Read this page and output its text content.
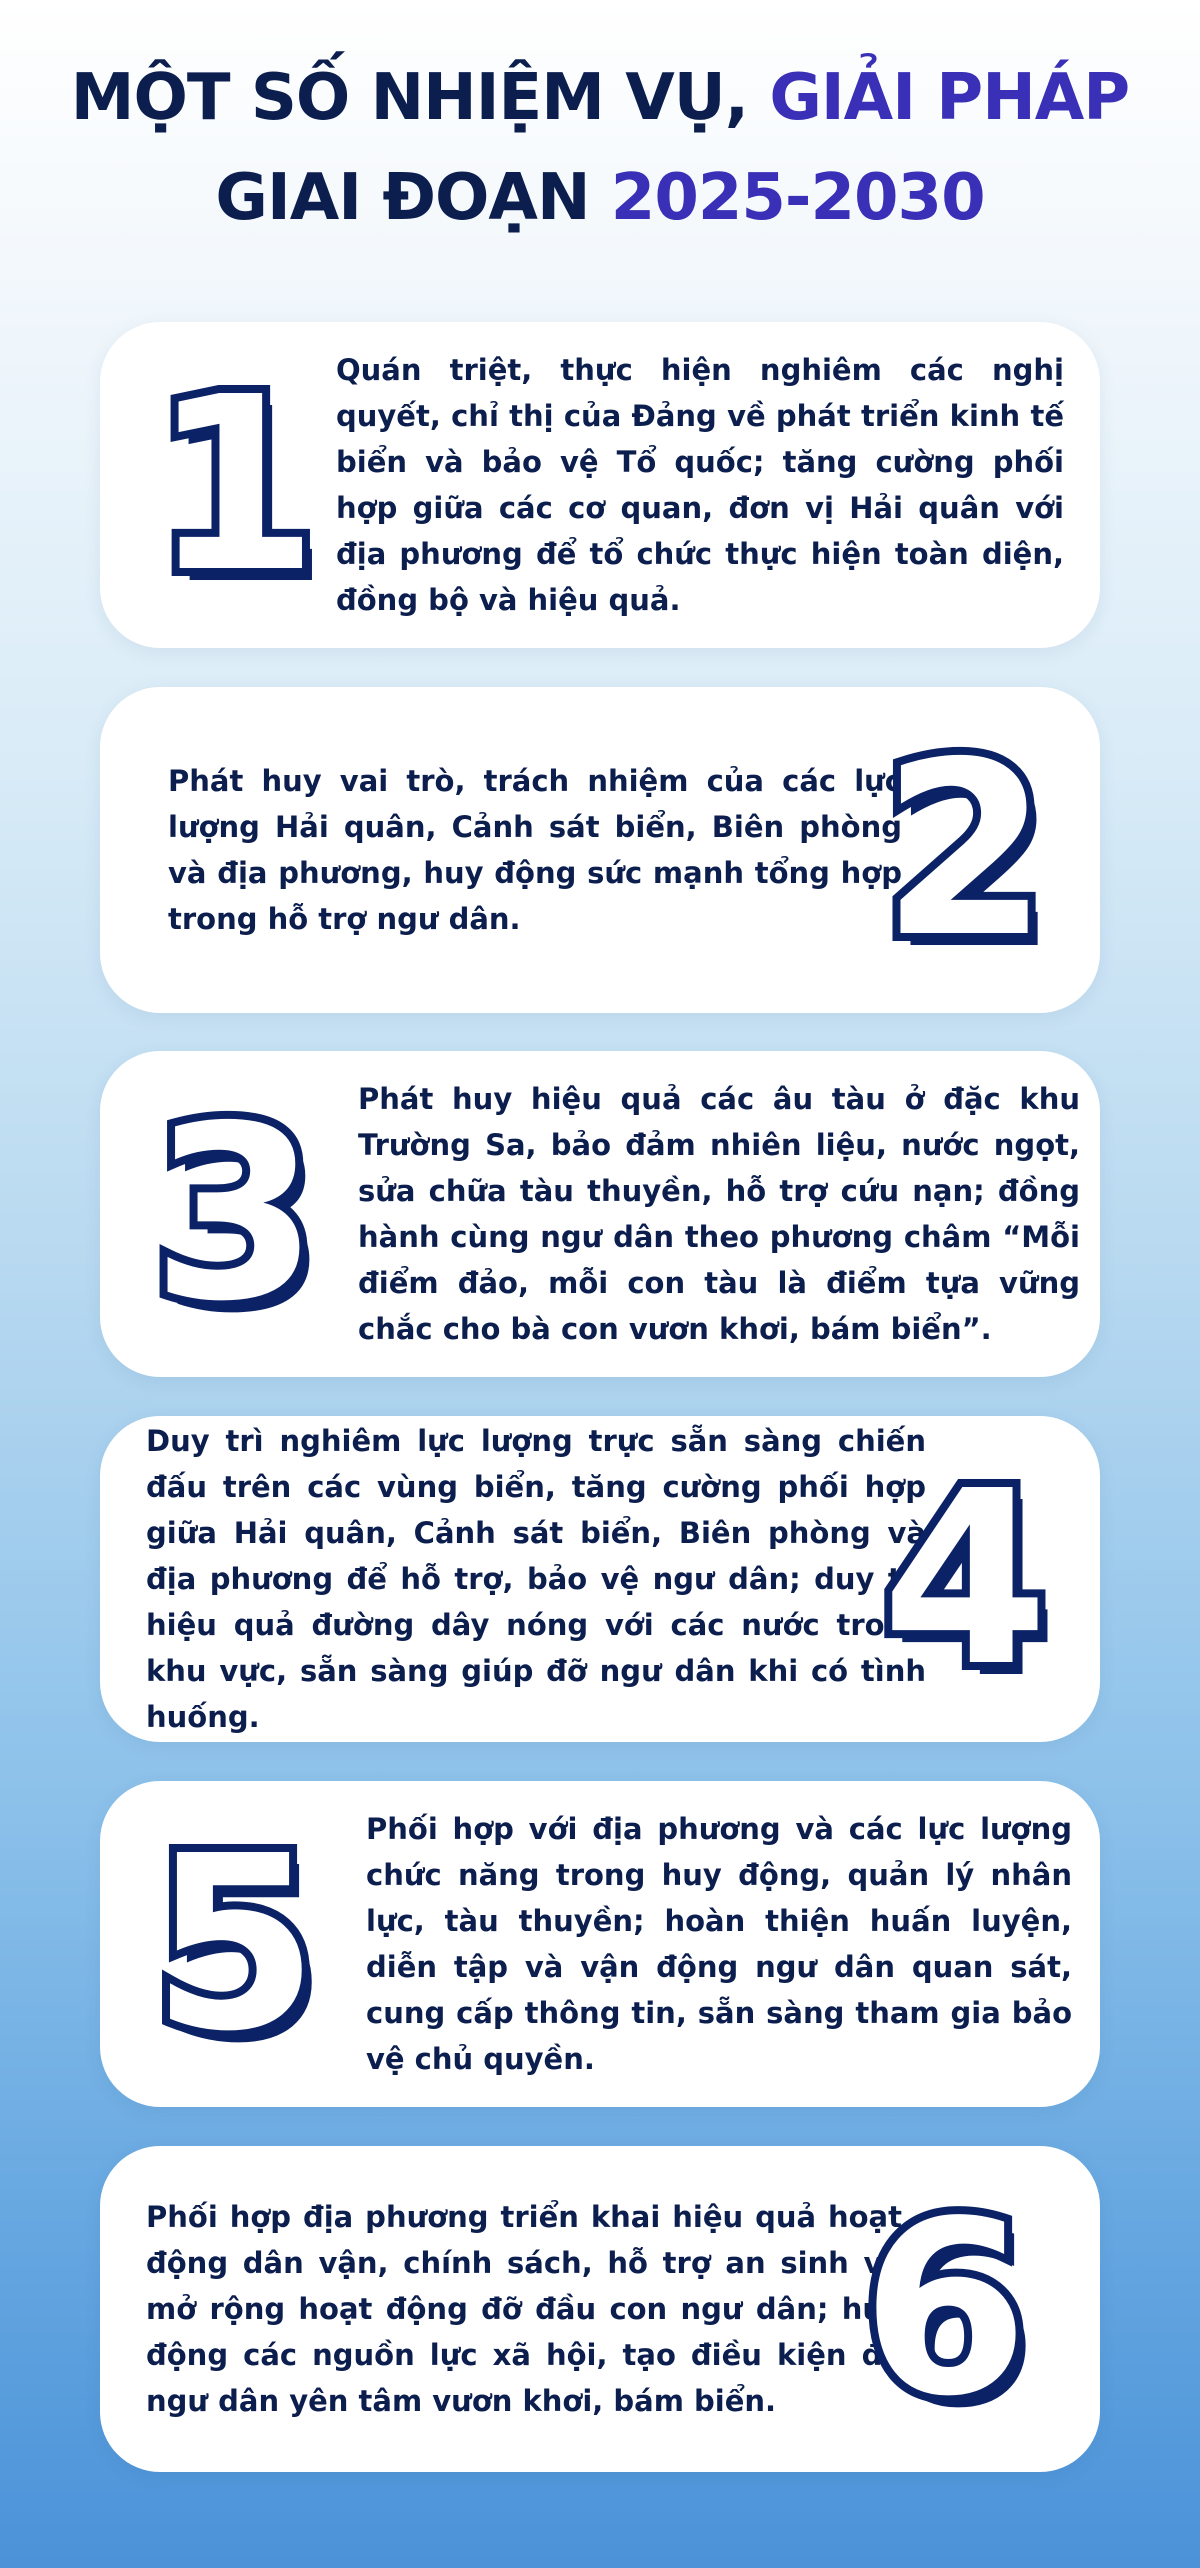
MỘT SỐ NHIỆM VỤ, GIẢI PHÁP
GIAI ĐOẠN 2025-2030
1 Quán triệt, thực hiện nghiêm các nghị quyết, chỉ thị của Đảng về phát triển kinh tế biển và bảo vệ Tổ quốc; tăng cường phối hợp giữa các cơ quan, đơn vị Hải quân với địa phương để tổ chức thực hiện toàn diện, đồng bộ và hiệu quả.

Phát huy vai trò, trách nhiệm của các lực lượng Hải quân, Cảnh sát biển, Biên phòng và địa phương, huy động sức mạnh tổng hợp trong hỗ trợ ngư dân.	2
3	Phát huy hiệu quả các âu tàu ở đặc khu Trường Sa, bảo đảm nhiên liệu, nước ngọt, sửa chữa tàu thuyền, hỗ trợ cứu nạn; đồng hành cùng ngư dân theo phương châm “Mỗi điểm đảo, mỗi con tàu là điểm tựa vững chắc cho bà con vươn khơi, bám biển”.

Duy trì nghiêm lực lượng trực sẵn sàng chiến đấu trên các vùng biển, tăng cường phối hợp giữa Hải quân, Cảnh sát biển, Biên phòng và địa phương để hỗ trợ, bảo vệ ngư dân; duy trì hiệu quả đường dây nóng với các nước trong khu vực, sẵn sàng giúp đỡ ngư dân khi có tình huống.	4
5	Phối hợp với địa phương và các lực lượng chức năng trong huy động, quản lý nhân lực, tàu thuyền; hoàn thiện huấn luyện, diễn tập và vận động ngư dân quan sát, cung cấp thông tin, sẵn sàng tham gia bảo vệ chủ quyền.

Phối hợp địa phương triển khai hiệu quả hoạt động dân vận, chính sách, hỗ trợ an sinh và mở rộng hoạt động đỡ đầu con ngư dân; huy động các nguồn lực xã hội, tạo điều kiện để ngư dân yên tâm vươn khơi, bám biển. 6
